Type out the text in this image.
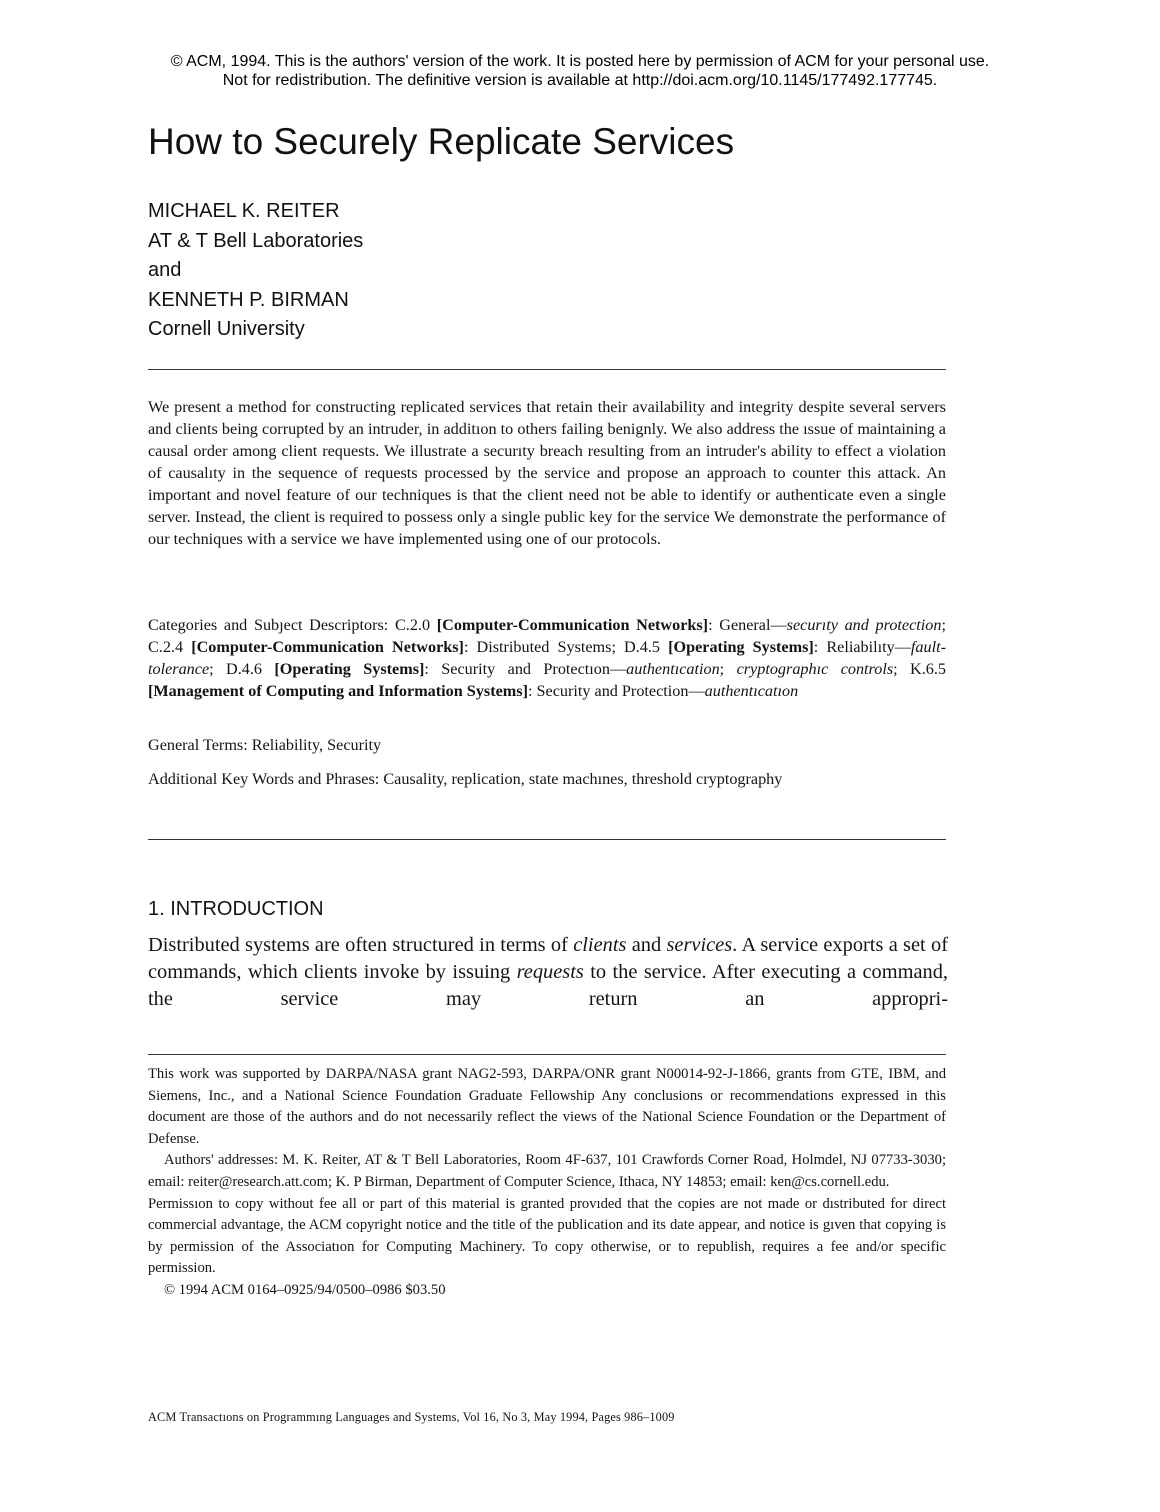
© ACM, 1994. This is the authors' version of the work. It is posted here by permission of ACM for your personal use.
Not for redistribution. The definitive version is available at http://doi.acm.org/10.1145/177492.177745.
How to Securely Replicate Services
MICHAEL K. REITER
AT & T Bell Laboratories
and
KENNETH P. BIRMAN
Cornell University

We present a method for constructing replicated services that retain their availability and integrity despite several servers and clients being corrupted by an intruder, in additıon to others failing benignly. We also address the ıssue of maintaining a causal order among client requests. We illustrate a securıty breach resulting from an intruder's ability to effect a violation of causalıty in the sequence of requests processed by the service and propose an approach to counter this attack. An important and novel feature of our techniques is that the client need not be able to identify or authenticate even a single server. Instead, the client is required to possess only a single public key for the service We demonstrate the performance of our techniques with a service we have implemented using one of our protocols.

Categories and Subȷect Descriptors: C.2.0 [Computer-Communication Networks]: General—securıty and protection; C.2.4 [Computer-Communication Networks]: Distributed Systems; D.4.5 [Operating Systems]: Reliabilıty—fault-tolerance; D.4.6 [Operating Systems]: Security and Protectıon—authentıcation; cryptographıc controls; K.6.5 [Management of Computing and Information Systems]: Security and Protection—authentıcatıon

General Terms: Reliability, Security

Additional Key Words and Phrases: Causality, replication, state machınes, threshold cryptography

1. INTRODUCTION

Distributed systems are often structured in terms of clients and services. A service exports a set of commands, which clients invoke by issuing requests to the service. After executing a command, the service may return an appropri-

This work was supported by DARPA/NASA grant NAG2-593, DARPA/ONR grant N00014-92-J-1866, grants from GTE, IBM, and Siemens, Inc., and a National Science Foundation Graduate Fellowship Any conclusions or recommendations expressed in this document are those of the authors and do not necessarily reflect the views of the National Science Foundation or the Department of Defense.

Authors' addresses: M. K. Reiter, AT & T Bell Laboratories, Room 4F-637, 101 Crawfords Corner Road, Holmdel, NJ 07733-3030; email: reiter@research.att.com; K. P Birman, Department of Computer Science, Ithaca, NY 14853; email: ken@cs.cornell.edu.

Permissıon to copy without fee all or part of this material is granted provıded that the copies are not made or dıstributed for direct commercial advantage, the ACM copyright notice and the title of the publication and its date appear, and notice is gıven that copying is by permission of the Associatıon for Computing Machinery. To copy otherwise, or to republish, requires a fee and/or specific permission.

© 1994 ACM 0164–0925/94/0500–0986 $03.50

ACM Transactıons on Programmıng Languages and Systems, Vol 16, No 3, May 1994, Pages 986–1009
